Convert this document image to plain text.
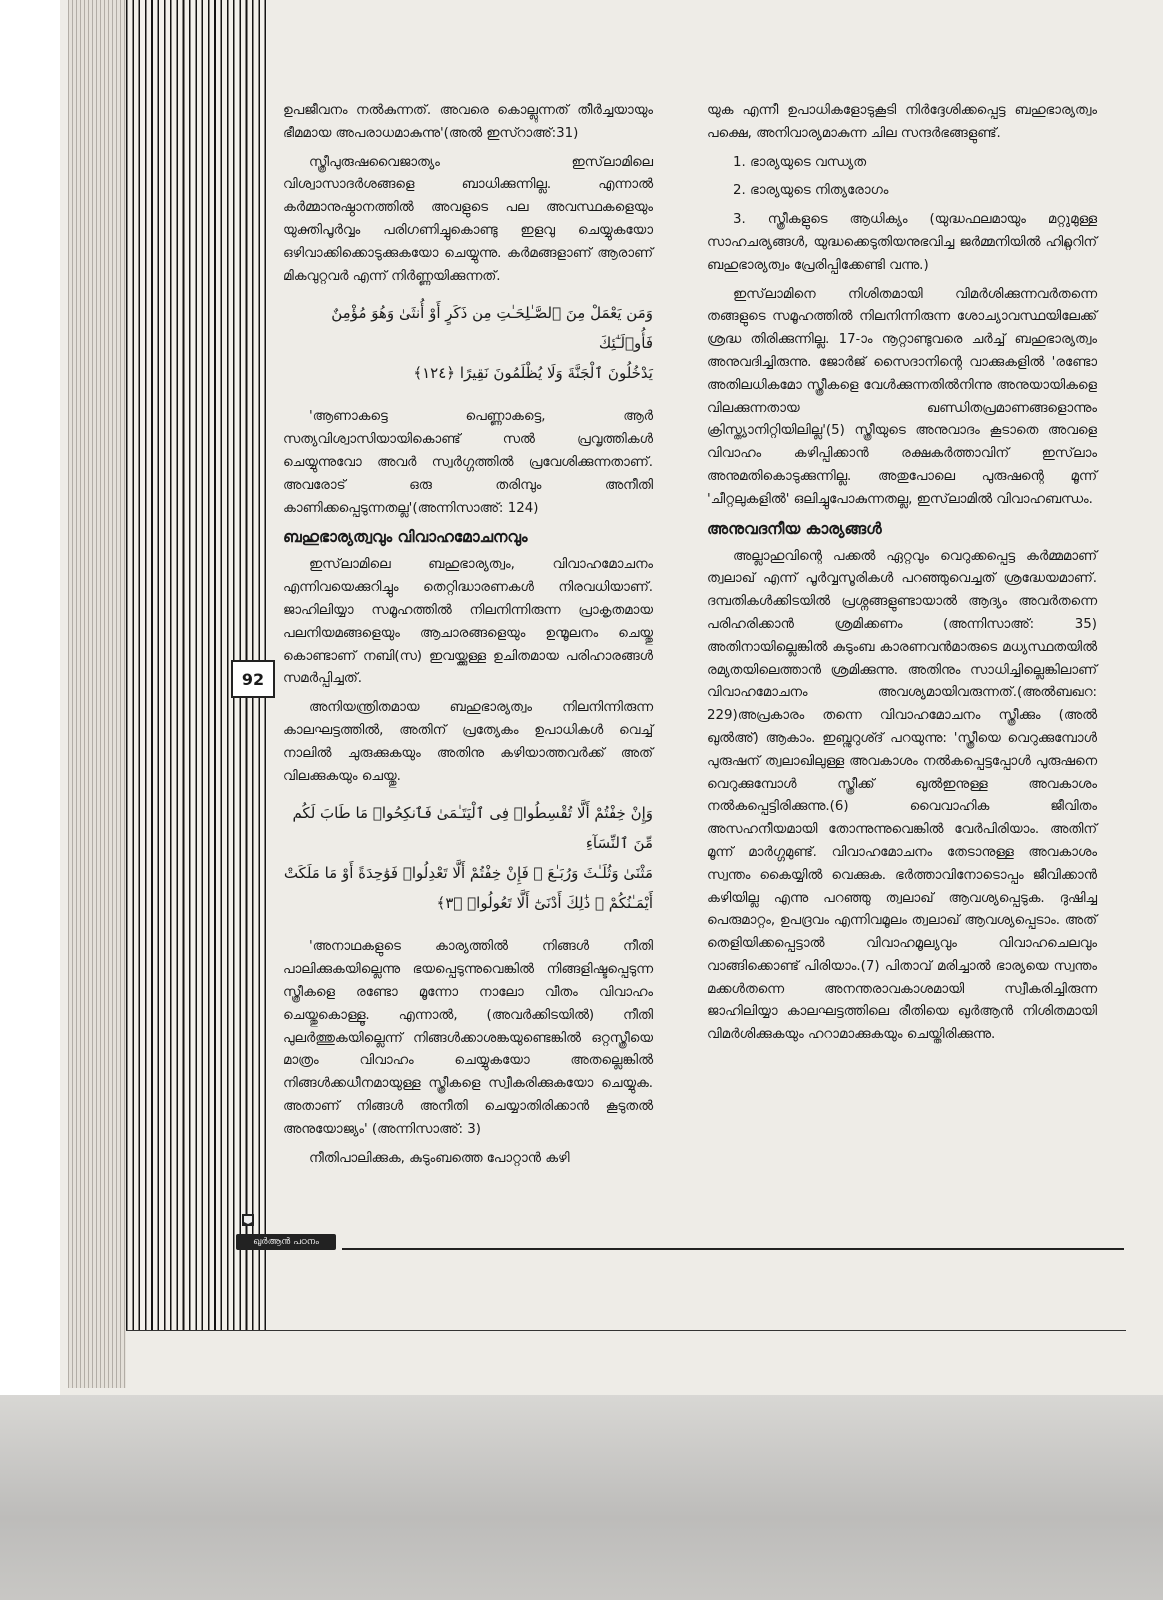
92

ഉപജീവനം നൽകുന്നത്. അവരെ കൊല്ലുന്നത് തീർച്ചയായും ഭീമമായ അപരാധമാകുന്നു'(അൽ ഇസ്റാഅ്:31)

സ്ത്രീപുരുഷവൈജാത്യം ഇസ്‌ലാമിലെ വിശ്വാസാദർശങ്ങളെ ബാധിക്കുന്നില്ല. എന്നാൽ കർമ്മാനുഷ്ഠാനത്തിൽ അവളുടെ പല അവസ്ഥകളെയും യുക്തിപൂർവ്വം പരിഗണിച്ചുകൊണ്ടു ഇളവു ചെയ്യുകയോ ഒഴിവാക്കിക്കൊടുക്കുകയോ ചെയ്യുന്നു. കർമങ്ങളാണ് ആരാണ് മികവുറ്റവർ എന്ന് നിർണ്ണയിക്കുന്നത്.

وَمَن يَعْمَلْ مِنَ ٱلصَّـٰلِحَـٰتِ مِن ذَكَرٍ أَوْ أُنثَىٰ وَهُوَ مُؤْمِنٌ فَأُو۟لَـٰٓئِكَ
يَدْخُلُونَ ٱلْجَنَّةَ وَلَا يُظْلَمُونَ نَقِيرًا ﴿١٢٤﴾

'ആണാകട്ടെ പെണ്ണാകട്ടെ, ആർ സത്യവിശ്വാസിയായികൊണ്ട് സൽ പ്രവൃത്തികൾ ചെയ്യുന്നുവോ അവർ സ്വർഗ്ഗത്തിൽ പ്രവേശിക്കുന്നതാണ്. അവരോട് ഒരു തരിമ്പും അനീതി കാണിക്കപ്പെടുന്നതല്ല'(അന്നിസാഅ്: 124)

ബഹുഭാര്യത്വവും വിവാഹമോചനവും

ഇസ്‌ലാമിലെ ബഹുഭാര്യത്വം, വിവാഹമോചനം എന്നിവയെക്കുറിച്ചും തെറ്റിദ്ധാരണകൾ നിരവധിയാണ്. ജാഹിലിയ്യാ സമൂഹത്തിൽ നിലനിന്നിരുന്ന പ്രാകൃതമായ പലനിയമങ്ങളെയും ആചാരങ്ങളെയും ഉന്മൂലനം ചെയ്തു കൊണ്ടാണ് നബി(സ) ഇവയ്ക്കുള്ള ഉചിതമായ പരിഹാരങ്ങൾ സമർപ്പിച്ചത്.

അനിയന്ത്രിതമായ ബഹുഭാര്യത്വം നിലനിന്നിരുന്ന കാലഘട്ടത്തിൽ, അതിന് പ്രത്യേകം ഉപാധികൾ വെച്ച് നാലിൽ ചുരുക്കുകയും അതിനു കഴിയാത്തവർക്ക് അത് വിലക്കുകയും ചെയ്തു.

وَإِنْ خِفْتُمْ أَلَّا تُقْسِطُوا۟ فِى ٱلْيَتَـٰمَىٰ فَٱنكِحُوا۟ مَا طَابَ لَكُم مِّنَ ٱلنِّسَآءِ
مَثْنَىٰ وَثُلَـٰثَ وَرُبَـٰعَ ۖ فَإِنْ خِفْتُمْ أَلَّا تَعْدِلُوا۟ فَوَٰحِدَةً أَوْ مَا مَلَكَتْ
أَيْمَـٰنُكُمْ ۚ ذَٰلِكَ أَدْنَىٰٓ أَلَّا تَعُولُوا۟ ﴿٣﴾

'അനാഥകളുടെ കാര്യത്തിൽ നിങ്ങൾ നീതി പാലിക്കുകയില്ലെന്നു ഭയപ്പെടുന്നുവെങ്കിൽ നിങ്ങളിഷ്ടപ്പെടുന്ന സ്ത്രീകളെ രണ്ടോ മൂന്നോ നാലോ വീതം വിവാഹം ചെയ്തുകൊള്ളൂ. എന്നാൽ, (അവർക്കിടയിൽ) നീതി പുലർത്തുകയില്ലെന്ന് നിങ്ങൾക്കാശങ്കയുണ്ടെങ്കിൽ ഒറ്റസ്ത്രീയെ മാത്രം വിവാഹം ചെയ്യുകയോ അതല്ലെങ്കിൽ നിങ്ങൾക്കധീനമായുള്ള സ്ത്രീകളെ സ്വീകരിക്കുകയോ ചെയ്യുക. അതാണ് നിങ്ങൾ അനീതി ചെയ്യാതിരിക്കാൻ കൂടുതൽ അനുയോജ്യം' (അന്നിസാഅ്: 3)

നീതിപാലിക്കുക, കുടുംബത്തെ പോറ്റാൻ കഴി

യുക എന്നീ ഉപാധികളോടുകൂടി നിർദ്ദേശിക്കപ്പെട്ട ബഹുഭാര്യത്വം പക്ഷെ, അനിവാര്യമാകുന്ന ചില സന്ദർഭങ്ങളുണ്ട്.

1. ഭാര്യയുടെ വന്ധ്യത

2. ഭാര്യയുടെ നിത്യരോഗം

3. സ്ത്രീകളുടെ ആധിക്യം (യുദ്ധഫലമായും മറ്റുമുള്ള സാഹചര്യങ്ങൾ, യുദ്ധക്കെടുതിയനുഭവിച്ച ജർമ്മനിയിൽ ഹിറ്റ്ലറിന് ബഹുഭാര്യത്വം പ്രേരിപ്പിക്കേണ്ടി വന്നു.)

ഇസ്‌ലാമിനെ നിശിതമായി വിമർശിക്കുന്നവർതന്നെ തങ്ങളുടെ സമൂഹത്തിൽ നിലനിന്നിരുന്ന ശോച്യാവസ്ഥയിലേക്ക് ശ്രദ്ധ തിരിക്കുന്നില്ല. 17-ാം നൂറ്റാണ്ടുവരെ ചർച്ച് ബഹുഭാര്യത്വം അനുവദിച്ചിരുന്നു. ജോർജ് സൈദാനിന്റെ വാക്കുകളിൽ 'രണ്ടോ അതിലധികമോ സ്ത്രീകളെ വേൾക്കുന്നതിൽനിന്നു അനുയായികളെ വിലക്കുന്നതായ ഖണ്ഡിതപ്രമാണങ്ങളൊന്നും ക്രിസ്ത്യാനിറ്റിയിലില്ല'(5) സ്ത്രീയുടെ അനുവാദം കൂടാതെ അവളെ വിവാഹം കഴിപ്പിക്കാൻ രക്ഷകർത്താവിന് ഇസ്‌ലാം അനുമതികൊടുക്കുന്നില്ല. അതുപോലെ പുരുഷന്റെ മൂന്ന് 'ചീറ്റലുകളിൽ' ഒലിച്ചുപോകുന്നതല്ല, ഇസ്‌ലാമിൽ വിവാഹബന്ധം.

അനുവദനീയ കാര്യങ്ങൾ

അല്ലാഹുവിന്റെ പക്കൽ ഏറ്റവും വെറുക്കപ്പെട്ട കർമ്മമാണ് ത്വലാഖ് എന്ന് പൂർവ്വസൂരികൾ പറഞ്ഞുവെച്ചത് ശ്രദ്ധേയമാണ്. ദമ്പതികൾക്കിടയിൽ പ്രശ്നങ്ങളുണ്ടായാൽ ആദ്യം അവർതന്നെ പരിഹരിക്കാൻ ശ്രമിക്കണം (അന്നിസാഅ്: 35) അതിനായില്ലെങ്കിൽ കുടുംബ കാരണവൻമാരുടെ മധ്യസ്ഥതയിൽ രമ്യതയിലെത്താൻ ശ്രമിക്കുന്നു. അതിനും സാധിച്ചില്ലെങ്കിലാണ് വിവാഹമോചനം അവശ്യമായിവരുന്നത്.(അൽബഖറ: 229)അപ്രകാരം തന്നെ വിവാഹമോചനം സ്ത്രീക്കും (അൽ ഖുൽഅ്) ആകാം. ഇബ്നുറുശ്ദ് പറയുന്നു: 'സ്ത്രീയെ വെറുക്കുമ്പോൾ പുരുഷന് ത്വലാഖിലുള്ള അവകാശം നൽകപ്പെട്ടപ്പോൾ പുരുഷനെ വെറുക്കുമ്പോൾ സ്ത്രീക്ക് ഖുൽഇനുള്ള അവകാശം നൽകപ്പെട്ടിരിക്കുന്നു.(6) വൈവാഹിക ജീവിതം അസഹനീയമായി തോന്നുന്നുവെങ്കിൽ വേർപിരിയാം. അതിന് മൂന്ന് മാർഗ്ഗമുണ്ട്. വിവാഹമോചനം തേടാനുള്ള അവകാശം സ്വന്തം കൈയ്യിൽ വെക്കുക. ഭർത്താവിനോടൊപ്പം ജീവിക്കാൻ കഴിയില്ല എന്നു പറഞ്ഞു ത്വലാഖ് ആവശ്യപ്പെടുക. ദുഷിച്ച പെരുമാറ്റം, ഉപദ്രവം എന്നിവമൂലം ത്വലാഖ് ആവശ്യപ്പെടാം. അത് തെളിയിക്കപ്പെട്ടാൽ വിവാഹമൂല്യവും വിവാഹചെലവും വാങ്ങിക്കൊണ്ട് പിരിയാം.(7) പിതാവ് മരിച്ചാൽ ഭാര്യയെ സ്വന്തം മക്കൾതന്നെ അനന്തരാവകാശമായി സ്വീകരിച്ചിരുന്ന ജാഹിലിയ്യാ കാലഘട്ടത്തിലെ രീതിയെ ഖുർആൻ നിശിതമായി വിമർശിക്കുകയും ഹറാമാക്കുകയും ചെയ്തിരിക്കുന്നു.

ഖുർആൻ പഠനം
